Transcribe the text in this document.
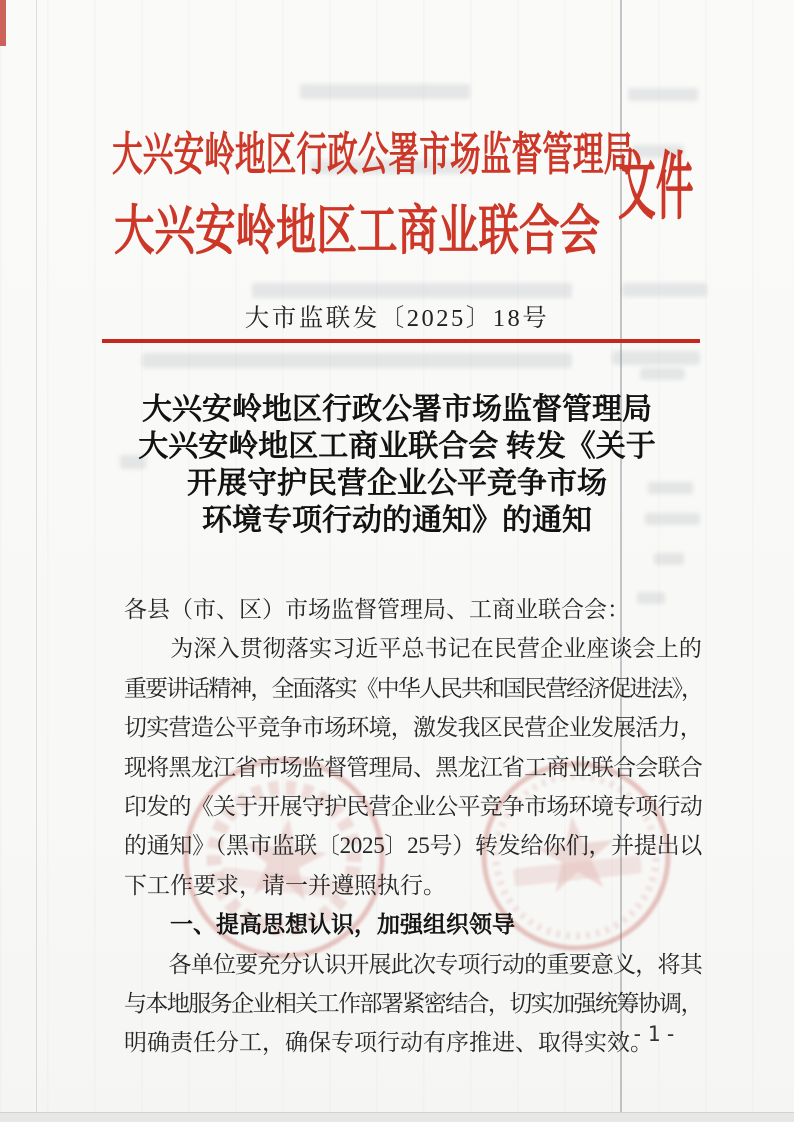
大兴安岭地区行政公署市场监督管理局
大兴安岭地区工商业联合会
文件
大市监联发〔2025〕18号
大兴安岭地区行政公署市场监督管理局
大兴安岭地区工商业联合会 转发《关于
开展守护民营企业公平竞争市场
环境专项行动的通知》的通知
各县（市、区）市场监督管理局、工商业联合会：
　　为深入贯彻落实习近平总书记在民营企业座谈会上的
重要讲话精神，全面落实《中华人民共和国民营经济促进法》，
切实营造公平竞争市场环境，激发我区民营企业发展活力，
现将黑龙江省市场监督管理局、黑龙江省工商业联合会联合
印发的《关于开展守护民营企业公平竞争市场环境专项行动
的通知》（黑市监联〔2025〕25号）转发给你们，并提出以
下工作要求，请一并遵照执行。
　　一、提高思想认识，加强组织领导
　　各单位要充分认识开展此次专项行动的重要意义，将其
与本地服务企业相关工作部署紧密结合，切实加强统筹协调，
明确责任分工，确保专项行动有序推进、取得实效。
-1-
